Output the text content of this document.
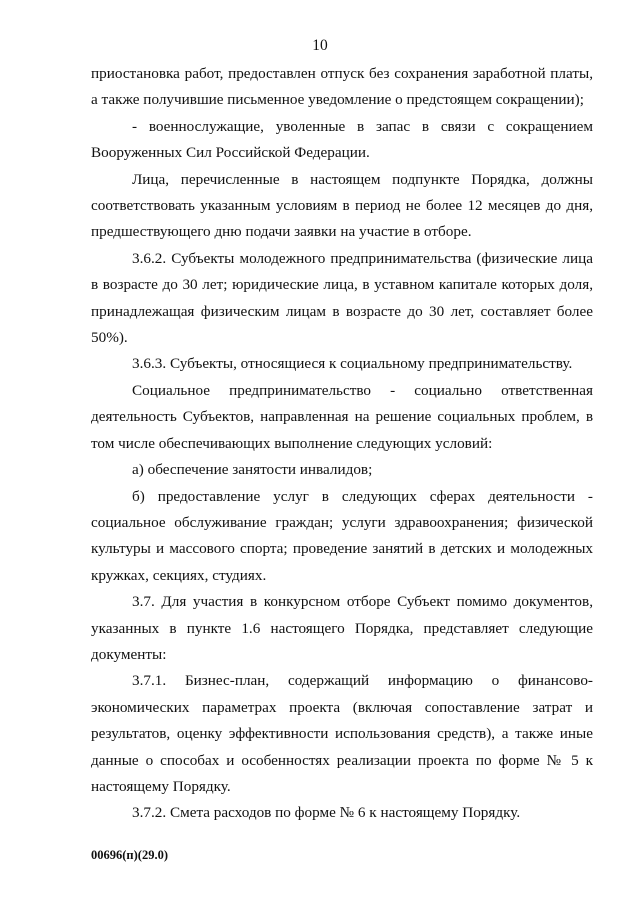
10

приостановка работ, предоставлен отпуск без сохранения заработной платы, а также получившие письменное уведомление о предстоящем сокращении);

- военнослужащие, уволенные в запас в связи с сокращением Вооруженных Сил Российской Федерации.

Лица, перечисленные в настоящем подпункте Порядка, должны соответствовать указанным условиям в период не более 12 месяцев до дня, предшествующего дню подачи заявки на участие в отборе.

3.6.2. Субъекты молодежного предпринимательства (физические лица в возрасте до 30 лет; юридические лица, в уставном капитале которых доля, принадлежащая физическим лицам в возрасте до 30 лет, составляет более 50%).

3.6.3. Субъекты, относящиеся к социальному предпринимательству.

Социальное предпринимательство - социально ответственная деятельность Субъектов, направленная на решение социальных проблем, в том числе обеспечивающих выполнение следующих условий:

а) обеспечение занятости инвалидов;

б) предоставление услуг в следующих сферах деятельности - социальное обслуживание граждан; услуги здравоохранения; физической культуры и массового спорта; проведение занятий в детских и молодежных кружках, секциях, студиях.

3.7. Для участия в конкурсном отборе Субъект помимо документов, указанных в пункте 1.6 настоящего Порядка, представляет следующие документы:

3.7.1. Бизнес-план, содержащий информацию о финансово-экономических параметрах проекта (включая сопоставление затрат и результатов, оценку эффективности использования средств), а также иные данные о способах и особенностях реализации проекта по форме № 5 к настоящему Порядку.

3.7.2. Смета расходов по форме № 6 к настоящему Порядку.

00696(п)(29.0)
